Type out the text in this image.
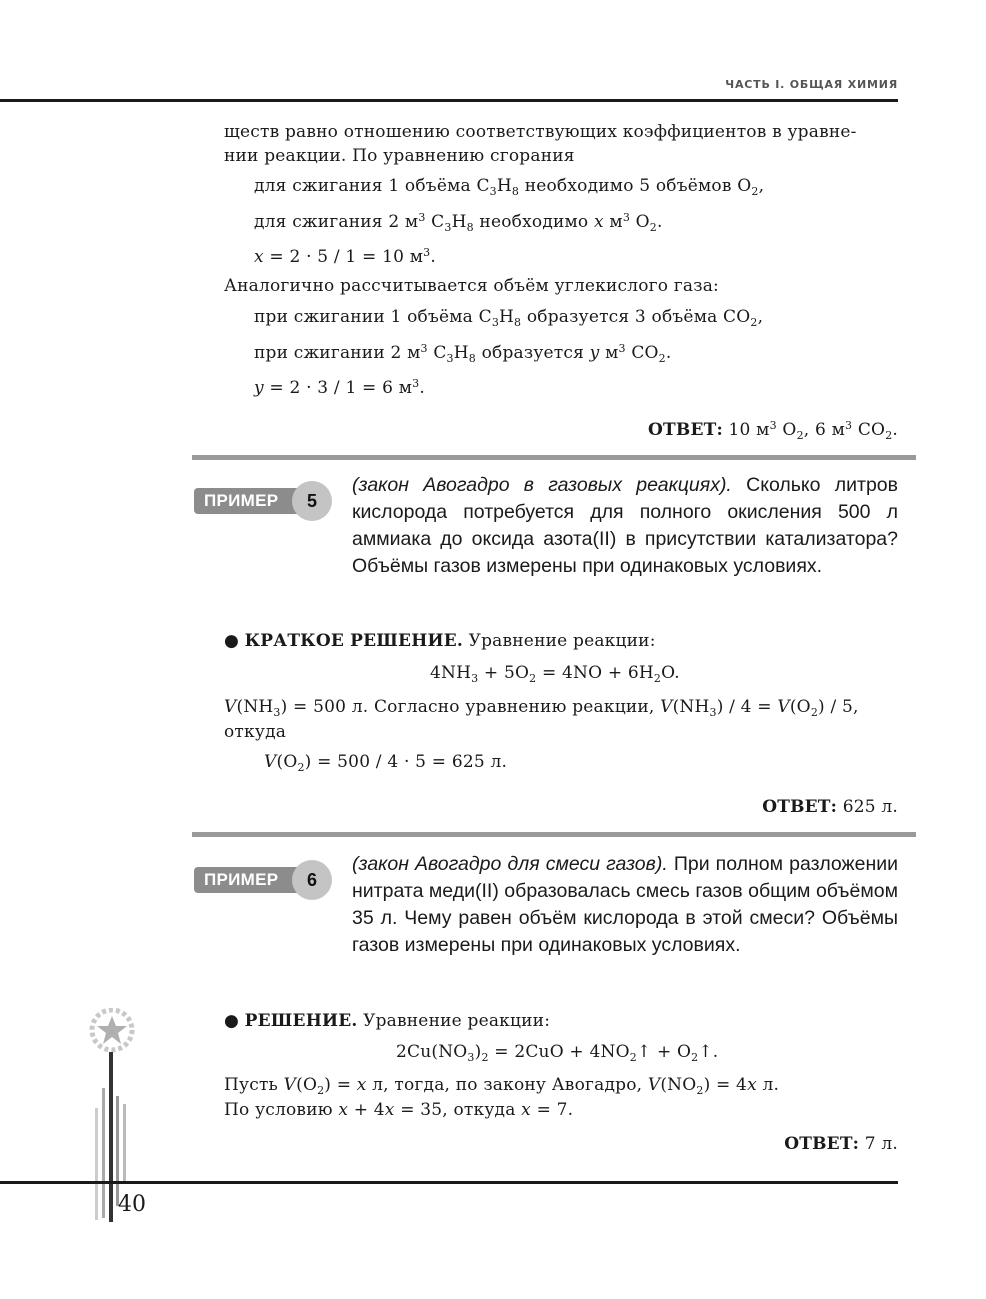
ЧАСТЬ I. ОБЩАЯ ХИМИЯ
ществ равно отношению соответствующих коэффициентов в уравне-
нии реакции. По уравнению сгорания
для сжигания 1 объёма $C_3H_8$ необходимо 5 объёмов $O_2$,
для сжигания 2 $м^3$ $C_3H_8$ необходимо x $м^3$ $O_2$.
x = 2 · 5 / 1 = 10 $м^3$.
Аналогично рассчитывается объём углекислого газа:
при сжигании 1 объёма $C_3H_8$ образуется 3 объёма $CO_2$,
при сжигании 2 $м^3$ $C_3H_8$ образуется y $м^3$ $CO_2$.
y = 2 · 3 / 1 = 6 $м^3$.
ОТВЕТ: 10 $м^3$ $O_2$, 6 $м^3$ $CO_2$.
ПРИМЕР	5
(закон Авогадро в газовых реакциях). Сколько литров кислорода потребуется для полного окисления 500 л аммиака до оксида азота(II) в присутствии катализатора? Объёмы газов измерены при одинаковых условиях.
● КРАТКОЕ РЕШЕНИЕ. Уравнение реакции:
$4NH_3 + 5O_2 = 4NO + 6H_2O$.
$V(NH_3) = 500$ л. Согласно уравнению реакции, $V(NH_3) / 4 = V(O_2) / 5$,
откуда
$V(O_2) = 500 / 4 \cdot 5 = 625$ л.
ОТВЕТ: 625 л.
ПРИМЕР	6
(закон Авогадро для смеси газов). При полном разложении нитрата меди(II) образовалась смесь газов общим объёмом 35 л. Чему равен объём кислорода в этой смеси? Объёмы газов измерены при одинаковых условиях.
● РЕШЕНИЕ. Уравнение реакции:
$2Cu(NO_3)_2 = 2CuO$ + $4NO_2↑$ + $O_2↑$.
Пусть $V(O_2) = x$ л, тогда, по закону Авогадро, $V(NO_2) = 4x$ л.
По условию x + 4x = 35, откуда x = 7.
ОТВЕТ: 7 л.
40
